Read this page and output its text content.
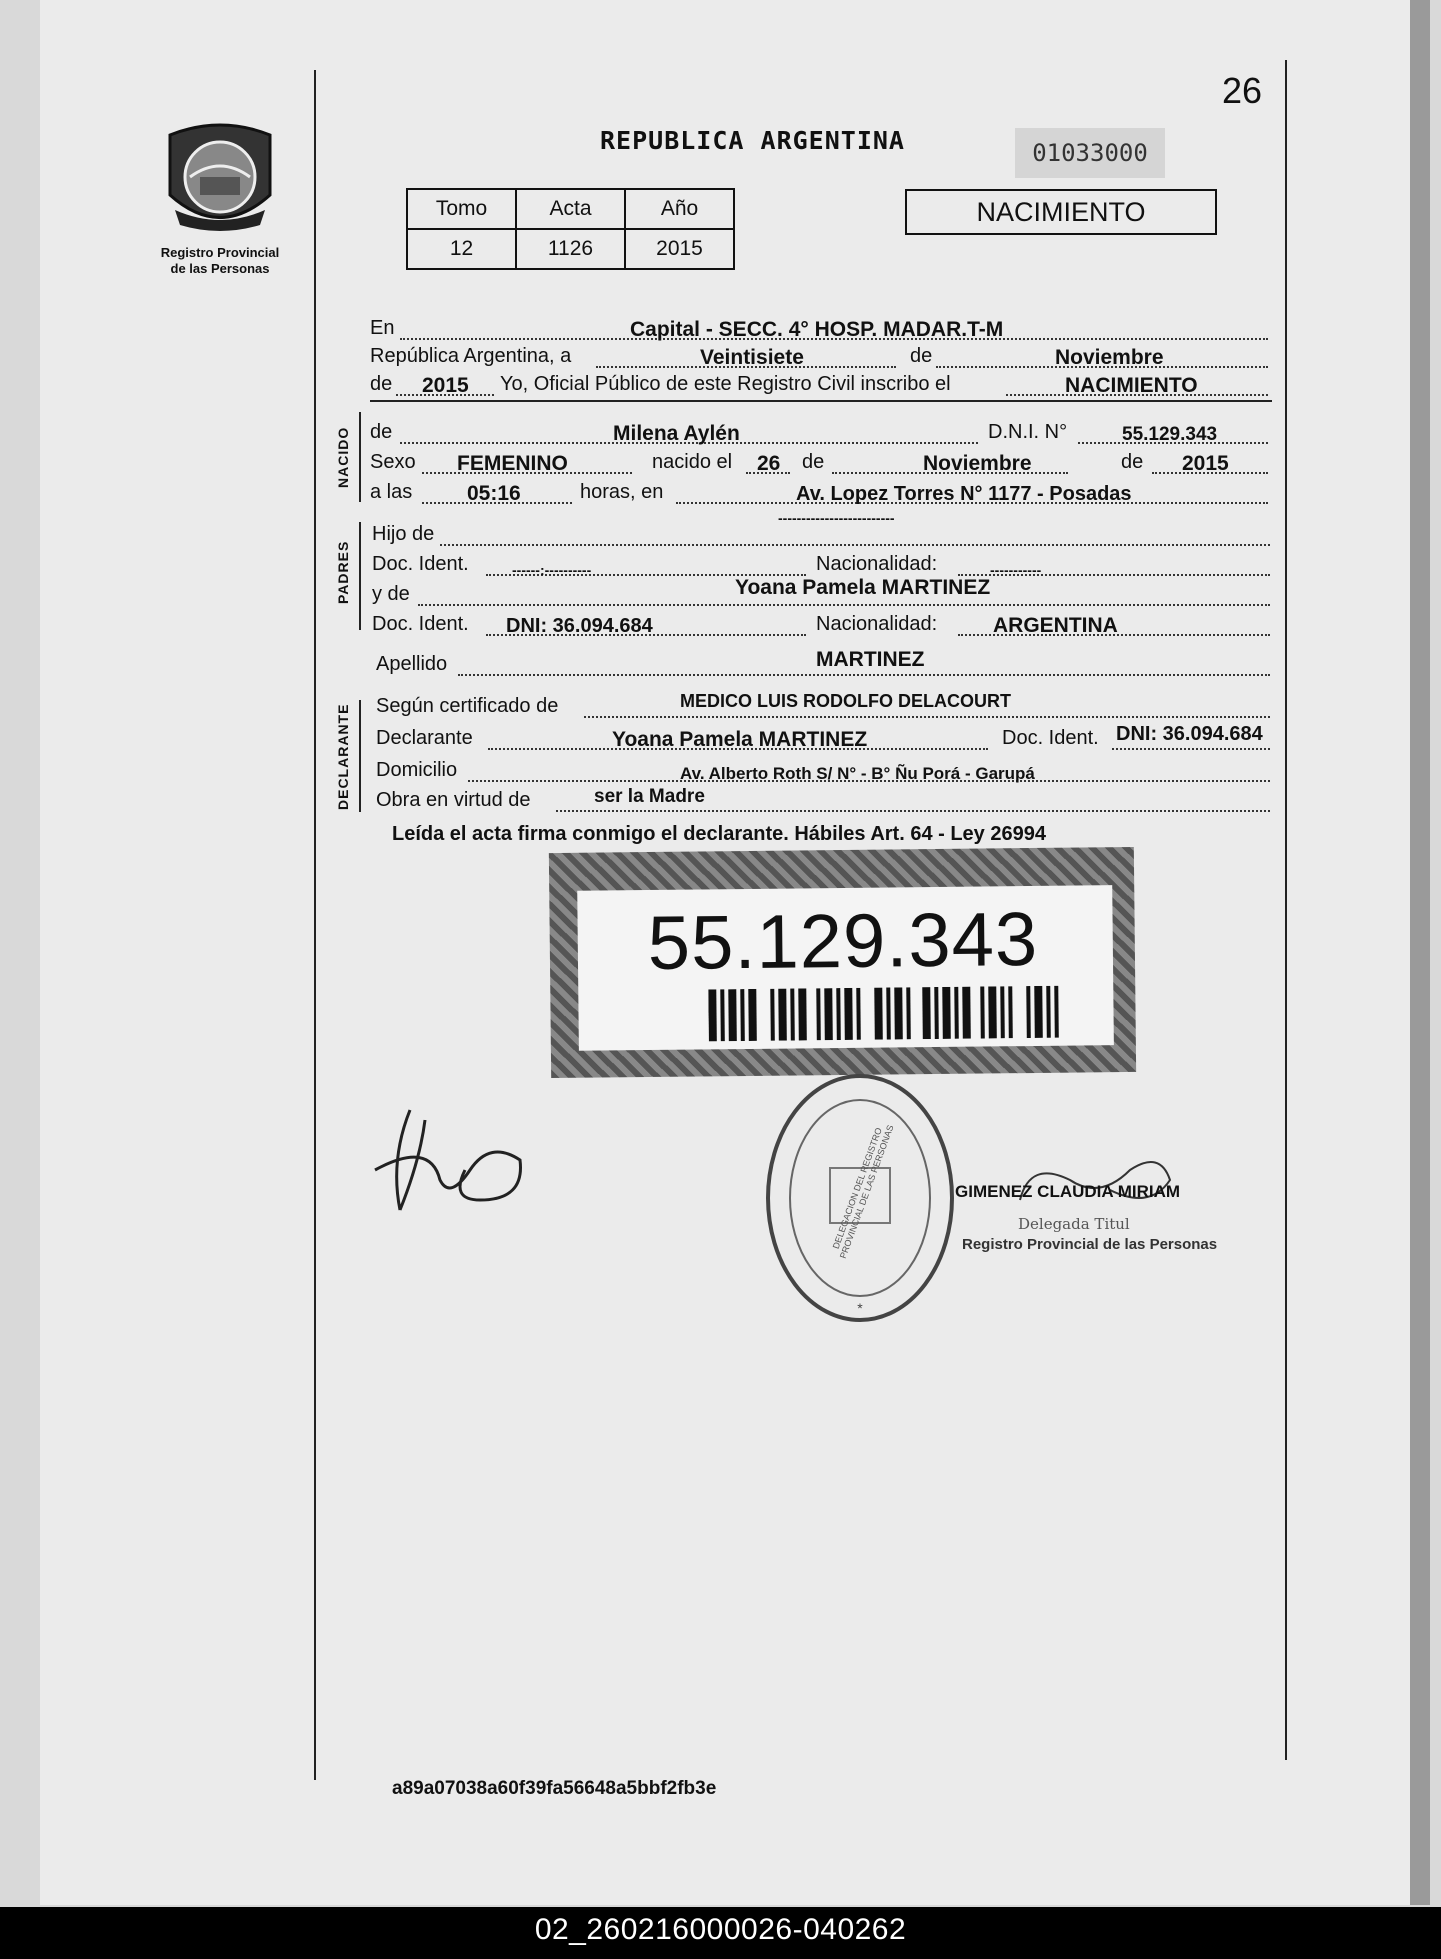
Registro Provincial
de las Personas
26
REPUBLICA ARGENTINA	01033000
Tomo	Acta	Año
12	1126	2015
NACIMIENTO
En	Capital - SECC. 4° HOSP. MADAR.T-M
República Argentina, a	Veintisiete	de	Noviembre
de 2015 Yo, Oficial Público de este Registro Civil inscribo el	NACIMIENTO
NACIDO de	Milena Aylén	D.N.I. N°	55.129.343
Sexo FEMENINO	nacido el 26 de	Noviembre	de 2015
a las	05:16	horas, en	Av. Lopez Torres N° 1177 - Posadas
PADRES
Hijo de
-------------------------
Doc. Ident.	------:----------	Nacionalidad:	-----------
y de	Yoana Pamela MARTINEZ
Doc. Ident. DNI: 36.094.684	Nacionalidad:	ARGENTINA
Apellido	MARTINEZ
DECLARANTE Según certificado de	MEDICO LUIS RODOLFO DELACOURT
Declarante	Yoana Pamela MARTINEZ	Doc. Ident. DNI: 36.094.684
Domicilio	Av. Alberto Roth S/ N° - B° Ñu Porá - Garupá
Obra en virtud de	ser la Madre
Leída el acta firma conmigo el declarante. Hábiles Art. 64 - Ley 26994
55.129.343
*
DELEGACION DEL REGISTRO PROVINCIAL DE LAS PERSONAS	GIMENEZ CLAUDIA MIRIAM
Delegada Titul
Registro Provincial de las Personas
a89a07038a60f39fa56648a5bbf2fb3e
02_260216000026-040262
